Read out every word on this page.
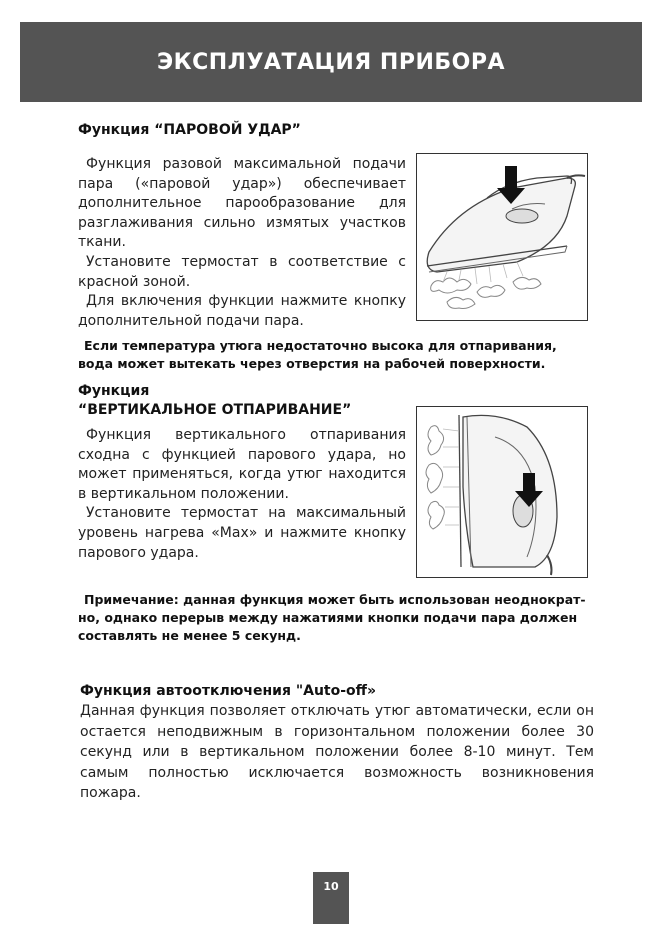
ЭКСПЛУАТАЦИЯ ПРИБОРА
Функция “ПАРОВОЙ УДАР”

Функция разовой максимальной подачи пара («паровой удар») обеспечивает дополнительное парообразование для разглаживания сильно измятых участков ткани.

Установите термостат в соответствие с красной зоной.

Для включения функции нажмите кнопку дополнительной подачи пара.

Если температура утюга недостаточно высока для отпаривания,

вода может вытекать через отверстия на рабочей поверхности.

Функция
“ВЕРТИКАЛЬНОЕ ОТПАРИВАНИЕ”

Функция вертикального отпаривания сходна с функцией парового удара, но может применяться, когда утюг находится в вертикальном положении.

Установите термостат на максимальный уровень нагрева «Max» и нажмите кнопку парового удара.

Примечание: данная функция может быть использован неоднократ-

но, однако перерыв между нажатиями кнопки подачи пара должен

составлять не менее 5 секунд.

Функция автоотключения "Auto-off»

Данная функция позволяет отключать утюг автоматически, если он остается неподвижным в горизонтальном положении более 30 секунд или в вертикальном положении более 8-10 минут. Тем самым полностью исключается возможность возникновения пожара.

10
